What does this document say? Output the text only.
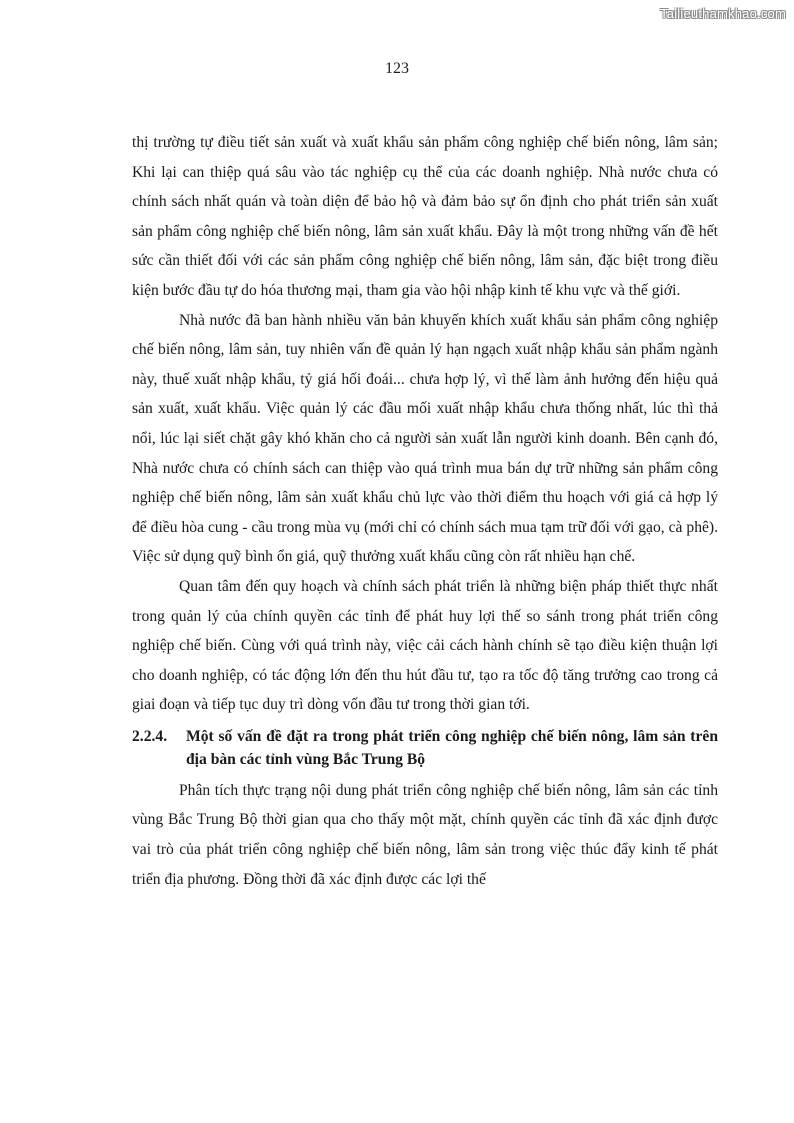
Tailieuthamkhao.com
123

thị trường tự điều tiết sản xuất và xuất khẩu sản phẩm công nghiệp chế biến nông, lâm sản; Khi lại can thiệp quá sâu vào tác nghiệp cụ thể của các doanh nghiệp. Nhà nước chưa có chính sách nhất quán và toàn diện để bảo hộ và đảm bảo sự ổn định cho phát triển sản xuất sản phẩm công nghiệp chế biến nông, lâm sản xuất khẩu. Đây là một trong những vấn đề hết sức cần thiết đối với các sản phẩm công nghiệp chế biến nông, lâm sản, đặc biệt trong điều kiện bước đầu tự do hóa thương mại, tham gia vào hội nhập kinh tế khu vực và thế giới.

Nhà nước đã ban hành nhiều văn bản khuyến khích xuất khẩu sản phẩm công nghiệp chế biến nông, lâm sản, tuy nhiên vấn đề quản lý hạn ngạch xuất nhập khẩu sản phẩm ngành này, thuế xuất nhập khẩu, tỷ giá hối đoái... chưa hợp lý, vì thế làm ảnh hưởng đến hiệu quả sản xuất, xuất khẩu. Việc quản lý các đầu mối xuất nhập khẩu chưa thống nhất, lúc thì thả nổi, lúc lại siết chặt gây khó khăn cho cả người sản xuất lẫn người kinh doanh. Bên cạnh đó, Nhà nước chưa có chính sách can thiệp vào quá trình mua bán dự trữ những sản phẩm công nghiệp chế biến nông, lâm sản xuất khẩu chủ lực vào thời điểm thu hoạch với giá cả hợp lý để điều hòa cung - cầu trong mùa vụ (mới chỉ có chính sách mua tạm trữ đối với gạo, cà phê). Việc sử dụng quỹ bình ổn giá, quỹ thưởng xuất khẩu cũng còn rất nhiều hạn chế.

Quan tâm đến quy hoạch và chính sách phát triển là những biện pháp thiết thực nhất trong quản lý của chính quyền các tỉnh để phát huy lợi thế so sánh trong phát triển công nghiệp chế biến. Cùng với quá trình này, việc cải cách hành chính sẽ tạo điều kiện thuận lợi cho doanh nghiệp, có tác động lớn đến thu hút đầu tư, tạo ra tốc độ tăng trưởng cao trong cả giai đoạn và tiếp tục duy trì dòng vốn đầu tư trong thời gian tới.

2.2.4.	Một số vấn đề đặt ra trong phát triển công nghiệp chế biến nông, lâm sản trên địa bàn các tỉnh vùng Bắc Trung Bộ

Phân tích thực trạng nội dung phát triển công nghiệp chế biến nông, lâm sản các tỉnh vùng Bắc Trung Bộ thời gian qua cho thấy một mặt, chính quyền các tỉnh đã xác định được vai trò của phát triển công nghiệp chế biến nông, lâm sản trong việc thúc đẩy kinh tế phát triển địa phương. Đồng thời đã xác định được các lợi thế
